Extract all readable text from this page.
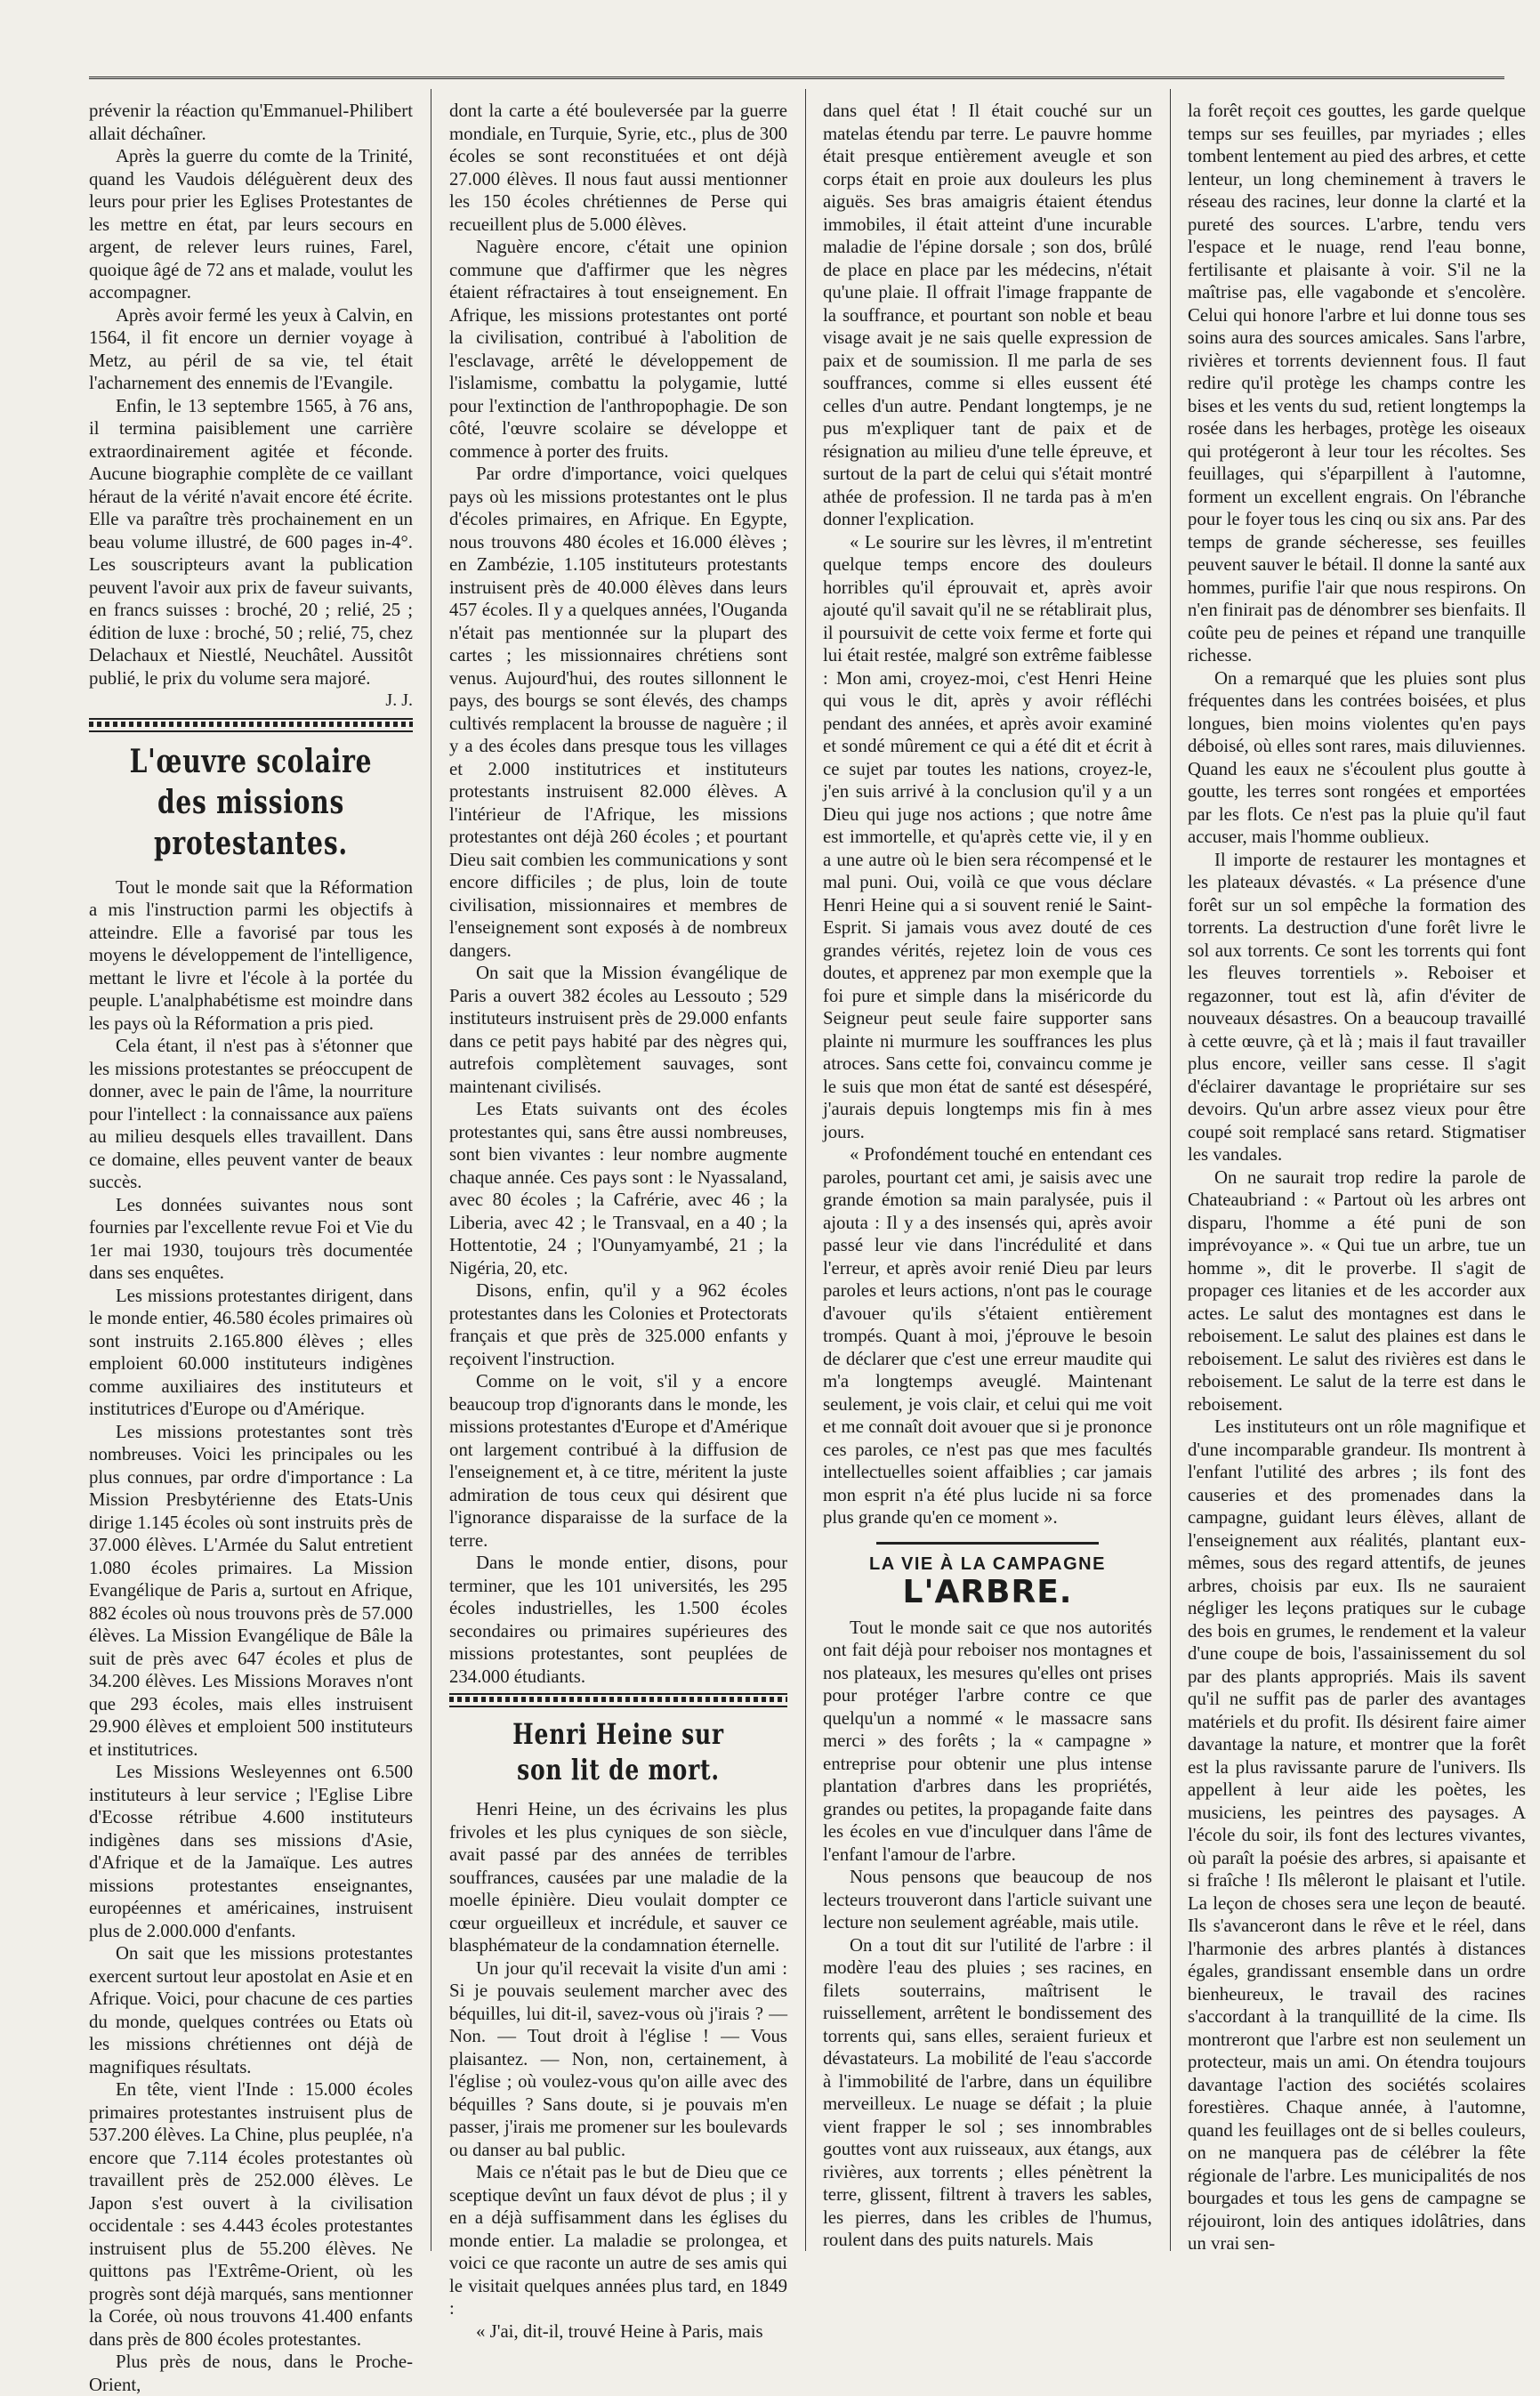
prévenir la réaction qu'Emmanuel-Philibert allait déchaîner.

Après la guerre du comte de la Trinité, quand les Vaudois déléguèrent deux des leurs pour prier les Eglises Protestantes de les mettre en état, par leurs secours en argent, de relever leurs ruines, Farel, quoique âgé de 72 ans et malade, voulut les accompagner.

Après avoir fermé les yeux à Calvin, en 1564, il fit encore un dernier voyage à Metz, au péril de sa vie, tel était l'acharnement des ennemis de l'Evangile.

Enfin, le 13 septembre 1565, à 76 ans, il termina paisiblement une carrière extraordinairement agitée et féconde. Aucune biographie complète de ce vaillant héraut de la vérité n'avait encore été écrite. Elle va paraître très prochainement en un beau volume illustré, de 600 pages in-4°. Les souscripteurs avant la publication peuvent l'avoir aux prix de faveur suivants, en francs suisses : broché, 20 ; relié, 25 ; édition de luxe : broché, 50 ; relié, 75, chez Delachaux et Niestlé, Neuchâtel. Aussitôt publié, le prix du volume sera majoré.

J. J.
L'œuvre scolaire des missions protestantes.

Tout le monde sait que la Réformation a mis l'instruction parmi les objectifs à atteindre. Elle a favorisé par tous les moyens le développement de l'intelligence, mettant le livre et l'école à la portée du peuple. L'analphabétisme est moindre dans les pays où la Réformation a pris pied.

Cela étant, il n'est pas à s'étonner que les missions protestantes se préoccupent de donner, avec le pain de l'âme, la nourriture pour l'intellect : la connaissance aux païens au milieu desquels elles travaillent. Dans ce domaine, elles peuvent vanter de beaux succès.

Les données suivantes nous sont fournies par l'excellente revue Foi et Vie du 1er mai 1930, toujours très documentée dans ses enquêtes.

Les missions protestantes dirigent, dans le monde entier, 46.580 écoles primaires où sont instruits 2.165.800 élèves ; elles emploient 60.000 instituteurs indigènes comme auxiliaires des instituteurs et institutrices d'Europe ou d'Amérique.

Les missions protestantes sont très nombreuses. Voici les principales ou les plus connues, par ordre d'importance : La Mission Presbytérienne des Etats-Unis dirige 1.145 écoles où sont instruits près de 37.000 élèves. L'Armée du Salut entretient 1.080 écoles primaires. La Mission Evangélique de Paris a, surtout en Afrique, 882 écoles où nous trouvons près de 57.000 élèves. La Mission Evangélique de Bâle la suit de près avec 647 écoles et plus de 34.200 élèves. Les Missions Moraves n'ont que 293 écoles, mais elles instruisent 29.900 élèves et emploient 500 instituteurs et institutrices.

Les Missions Wesleyennes ont 6.500 instituteurs à leur service ; l'Eglise Libre d'Ecosse rétribue 4.600 instituteurs indigènes dans ses missions d'Asie, d'Afrique et de la Jamaïque. Les autres missions protestantes enseignantes, européennes et américaines, instruisent plus de 2.000.000 d'enfants.

On sait que les missions protestantes exercent surtout leur apostolat en Asie et en Afrique. Voici, pour chacune de ces parties du monde, quelques contrées ou Etats où les missions chrétiennes ont déjà de magnifiques résultats.

En tête, vient l'Inde : 15.000 écoles primaires protestantes instruisent plus de 537.200 élèves. La Chine, plus peuplée, n'a encore que 7.114 écoles protestantes où travaillent près de 252.000 élèves. Le Japon s'est ouvert à la civilisation occidentale : ses 4.443 écoles protestantes instruisent plus de 55.200 élèves. Ne quittons pas l'Extrême-Orient, où les progrès sont déjà marqués, sans mentionner la Corée, où nous trouvons 41.400 enfants dans près de 800 écoles protestantes.

Plus près de nous, dans le Proche-Orient,

dont la carte a été bouleversée par la guerre mondiale, en Turquie, Syrie, etc., plus de 300 écoles se sont reconstituées et ont déjà 27.000 élèves. Il nous faut aussi mentionner les 150 écoles chrétiennes de Perse qui recueillent plus de 5.000 élèves.

Naguère encore, c'était une opinion commune que d'affirmer que les nègres étaient réfractaires à tout enseignement. En Afrique, les missions protestantes ont porté la civilisation, contribué à l'abolition de l'esclavage, arrêté le développement de l'islamisme, combattu la polygamie, lutté pour l'extinction de l'anthropophagie. De son côté, l'œuvre scolaire se développe et commence à porter des fruits.

Par ordre d'importance, voici quelques pays où les missions protestantes ont le plus d'écoles primaires, en Afrique. En Egypte, nous trouvons 480 écoles et 16.000 élèves ; en Zambézie, 1.105 instituteurs protestants instruisent près de 40.000 élèves dans leurs 457 écoles. Il y a quelques années, l'Ouganda n'était pas mentionnée sur la plupart des cartes ; les missionnaires chrétiens sont venus. Aujourd'hui, des routes sillonnent le pays, des bourgs se sont élevés, des champs cultivés remplacent la brousse de naguère ; il y a des écoles dans presque tous les villages et 2.000 institutrices et instituteurs protestants instruisent 82.000 élèves. A l'intérieur de l'Afrique, les missions protestantes ont déjà 260 écoles ; et pourtant Dieu sait combien les communications y sont encore difficiles ; de plus, loin de toute civilisation, missionnaires et membres de l'enseignement sont exposés à de nombreux dangers.

On sait que la Mission évangélique de Paris a ouvert 382 écoles au Lessouto ; 529 instituteurs instruisent près de 29.000 enfants dans ce petit pays habité par des nègres qui, autrefois complètement sauvages, sont maintenant civilisés.

Les Etats suivants ont des écoles protestantes qui, sans être aussi nombreuses, sont bien vivantes : leur nombre augmente chaque année. Ces pays sont : le Nyassaland, avec 80 écoles ; la Cafrérie, avec 46 ; la Liberia, avec 42 ; le Transvaal, en a 40 ; la Hottentotie, 24 ; l'Ounyamyambé, 21 ; la Nigéria, 20, etc.

Disons, enfin, qu'il y a 962 écoles protestantes dans les Colonies et Protectorats français et que près de 325.000 enfants y reçoivent l'instruction.

Comme on le voit, s'il y a encore beaucoup trop d'ignorants dans le monde, les missions protestantes d'Europe et d'Amérique ont largement contribué à la diffusion de l'enseignement et, à ce titre, méritent la juste admiration de tous ceux qui désirent que l'ignorance disparaisse de la surface de la terre.

Dans le monde entier, disons, pour terminer, que les 101 universités, les 295 écoles industrielles, les 1.500 écoles secondaires ou primaires supérieures des missions protestantes, sont peuplées de 234.000 étudiants.

Henri Heine sur son lit de mort.

Henri Heine, un des écrivains les plus frivoles et les plus cyniques de son siècle, avait passé par des années de terribles souffrances, causées par une maladie de la moelle épinière. Dieu voulait dompter ce cœur orgueilleux et incrédule, et sauver ce blasphémateur de la condamnation éternelle.

Un jour qu'il recevait la visite d'un ami : Si je pouvais seulement marcher avec des béquilles, lui dit-il, savez-vous où j'irais ? — Non. — Tout droit à l'église ! — Vous plaisantez. — Non, non, certainement, à l'église ; où voulez-vous qu'on aille avec des béquilles ? Sans doute, si je pouvais m'en passer, j'irais me promener sur les boulevards ou danser au bal public.

Mais ce n'était pas le but de Dieu que ce sceptique devînt un faux dévot de plus ; il y en a déjà suffisamment dans les églises du monde entier. La maladie se prolongea, et voici ce que raconte un autre de ses amis qui le visitait quelques années plus tard, en 1849 :

« J'ai, dit-il, trouvé Heine à Paris, mais

dans quel état ! Il était couché sur un matelas étendu par terre. Le pauvre homme était presque entièrement aveugle et son corps était en proie aux douleurs les plus aiguës. Ses bras amaigris étaient étendus immobiles, il était atteint d'une incurable maladie de l'épine dorsale ; son dos, brûlé de place en place par les médecins, n'était qu'une plaie. Il offrait l'image frappante de la souffrance, et pourtant son noble et beau visage avait je ne sais quelle expression de paix et de soumission. Il me parla de ses souffrances, comme si elles eussent été celles d'un autre. Pendant longtemps, je ne pus m'expliquer tant de paix et de résignation au milieu d'une telle épreuve, et surtout de la part de celui qui s'était montré athée de profession. Il ne tarda pas à m'en donner l'explication.

« Le sourire sur les lèvres, il m'entretint quelque temps encore des douleurs horribles qu'il éprouvait et, après avoir ajouté qu'il savait qu'il ne se rétablirait plus, il poursuivit de cette voix ferme et forte qui lui était restée, malgré son extrême faiblesse : Mon ami, croyez-moi, c'est Henri Heine qui vous le dit, après y avoir réfléchi pendant des années, et après avoir examiné et sondé mûrement ce qui a été dit et écrit à ce sujet par toutes les nations, croyez-le, j'en suis arrivé à la conclusion qu'il y a un Dieu qui juge nos actions ; que notre âme est immortelle, et qu'après cette vie, il y en a une autre où le bien sera récompensé et le mal puni. Oui, voilà ce que vous déclare Henri Heine qui a si souvent renié le Saint-Esprit. Si jamais vous avez douté de ces grandes vérités, rejetez loin de vous ces doutes, et apprenez par mon exemple que la foi pure et simple dans la miséricorde du Seigneur peut seule faire supporter sans plainte ni murmure les souffrances les plus atroces. Sans cette foi, convaincu comme je le suis que mon état de santé est désespéré, j'aurais depuis longtemps mis fin à mes jours.

« Profondément touché en entendant ces paroles, pourtant cet ami, je saisis avec une grande émotion sa main paralysée, puis il ajouta : Il y a des insensés qui, après avoir passé leur vie dans l'incrédulité et dans l'erreur, et après avoir renié Dieu par leurs paroles et leurs actions, n'ont pas le courage d'avouer qu'ils s'étaient entièrement trompés. Quant à moi, j'éprouve le besoin de déclarer que c'est une erreur maudite qui m'a longtemps aveuglé. Maintenant seulement, je vois clair, et celui qui me voit et me connaît doit avouer que si je prononce ces paroles, ce n'est pas que mes facultés intellectuelles soient affaiblies ; car jamais mon esprit n'a été plus lucide ni sa force plus grande qu'en ce moment ».

LA VIE À LA CAMPAGNE
L'ARBRE.

Tout le monde sait ce que nos autorités ont fait déjà pour reboiser nos montagnes et nos plateaux, les mesures qu'elles ont prises pour protéger l'arbre contre ce que quelqu'un a nommé « le massacre sans merci » des forêts ; la « campagne » entreprise pour obtenir une plus intense plantation d'arbres dans les propriétés, grandes ou petites, la propagande faite dans les écoles en vue d'inculquer dans l'âme de l'enfant l'amour de l'arbre.

Nous pensons que beaucoup de nos lecteurs trouveront dans l'article suivant une lecture non seulement agréable, mais utile.

On a tout dit sur l'utilité de l'arbre : il modère l'eau des pluies ; ses racines, en filets souterrains, maîtrisent le ruissellement, arrêtent le bondissement des torrents qui, sans elles, seraient furieux et dévastateurs. La mobilité de l'eau s'accorde à l'immobilité de l'arbre, dans un équilibre merveilleux. Le nuage se défait ; la pluie vient frapper le sol ; ses innombrables gouttes vont aux ruisseaux, aux étangs, aux rivières, aux torrents ; elles pénètrent la terre, glissent, filtrent à travers les sables, les pierres, dans les cribles de l'humus, roulent dans des puits naturels. Mais

la forêt reçoit ces gouttes, les garde quelque temps sur ses feuilles, par myriades ; elles tombent lentement au pied des arbres, et cette lenteur, un long cheminement à travers le réseau des racines, leur donne la clarté et la pureté des sources. L'arbre, tendu vers l'espace et le nuage, rend l'eau bonne, fertilisante et plaisante à voir. S'il ne la maîtrise pas, elle vagabonde et s'encolère. Celui qui honore l'arbre et lui donne tous ses soins aura des sources amicales. Sans l'arbre, rivières et torrents deviennent fous. Il faut redire qu'il protège les champs contre les bises et les vents du sud, retient longtemps la rosée dans les herbages, protège les oiseaux qui protégeront à leur tour les récoltes. Ses feuillages, qui s'éparpillent à l'automne, forment un excellent engrais. On l'ébranche pour le foyer tous les cinq ou six ans. Par des temps de grande sécheresse, ses feuilles peuvent sauver le bétail. Il donne la santé aux hommes, purifie l'air que nous respirons. On n'en finirait pas de dénombrer ses bienfaits. Il coûte peu de peines et répand une tranquille richesse.

On a remarqué que les pluies sont plus fréquentes dans les contrées boisées, et plus longues, bien moins violentes qu'en pays déboisé, où elles sont rares, mais diluviennes. Quand les eaux ne s'écoulent plus goutte à goutte, les terres sont rongées et emportées par les flots. Ce n'est pas la pluie qu'il faut accuser, mais l'homme oublieux.

Il importe de restaurer les montagnes et les plateaux dévastés. « La présence d'une forêt sur un sol empêche la formation des torrents. La destruction d'une forêt livre le sol aux torrents. Ce sont les torrents qui font les fleuves torrentiels ». Reboiser et regazonner, tout est là, afin d'éviter de nouveaux désastres. On a beaucoup travaillé à cette œuvre, çà et là ; mais il faut travailler plus encore, veiller sans cesse. Il s'agit d'éclairer davantage le propriétaire sur ses devoirs. Qu'un arbre assez vieux pour être coupé soit remplacé sans retard. Stigmatiser les vandales.

On ne saurait trop redire la parole de Chateaubriand : « Partout où les arbres ont disparu, l'homme a été puni de son imprévoyance ». « Qui tue un arbre, tue un homme », dit le proverbe. Il s'agit de propager ces litanies et de les accorder aux actes. Le salut des montagnes est dans le reboisement. Le salut des plaines est dans le reboisement. Le salut des rivières est dans le reboisement. Le salut de la terre est dans le reboisement.

Les instituteurs ont un rôle magnifique et d'une incomparable grandeur. Ils montrent à l'enfant l'utilité des arbres ; ils font des causeries et des promenades dans la campagne, guidant leurs élèves, allant de l'enseignement aux réalités, plantant eux-mêmes, sous des regard attentifs, de jeunes arbres, choisis par eux. Ils ne sauraient négliger les leçons pratiques sur le cubage des bois en grumes, le rendement et la valeur d'une coupe de bois, l'assainissement du sol par des plants appropriés. Mais ils savent qu'il ne suffit pas de parler des avantages matériels et du profit. Ils désirent faire aimer davantage la nature, et montrer que la forêt est la plus ravissante parure de l'univers. Ils appellent à leur aide les poètes, les musiciens, les peintres des paysages. A l'école du soir, ils font des lectures vivantes, où paraît la poésie des arbres, si apaisante et si fraîche ! Ils mêleront le plaisant et l'utile. La leçon de choses sera une leçon de beauté. Ils s'avanceront dans le rêve et le réel, dans l'harmonie des arbres plantés à distances égales, grandissant ensemble dans un ordre bienheureux, le travail des racines s'accordant à la tranquillité de la cime. Ils montreront que l'arbre est non seulement un protecteur, mais un ami. On étendra toujours davantage l'action des sociétés scolaires forestières. Chaque année, à l'automne, quand les feuillages ont de si belles couleurs, on ne manquera pas de célébrer la fête régionale de l'arbre. Les municipalités de nos bourgades et tous les gens de campagne se réjouiront, loin des antiques idolâtries, dans un vrai sen-
